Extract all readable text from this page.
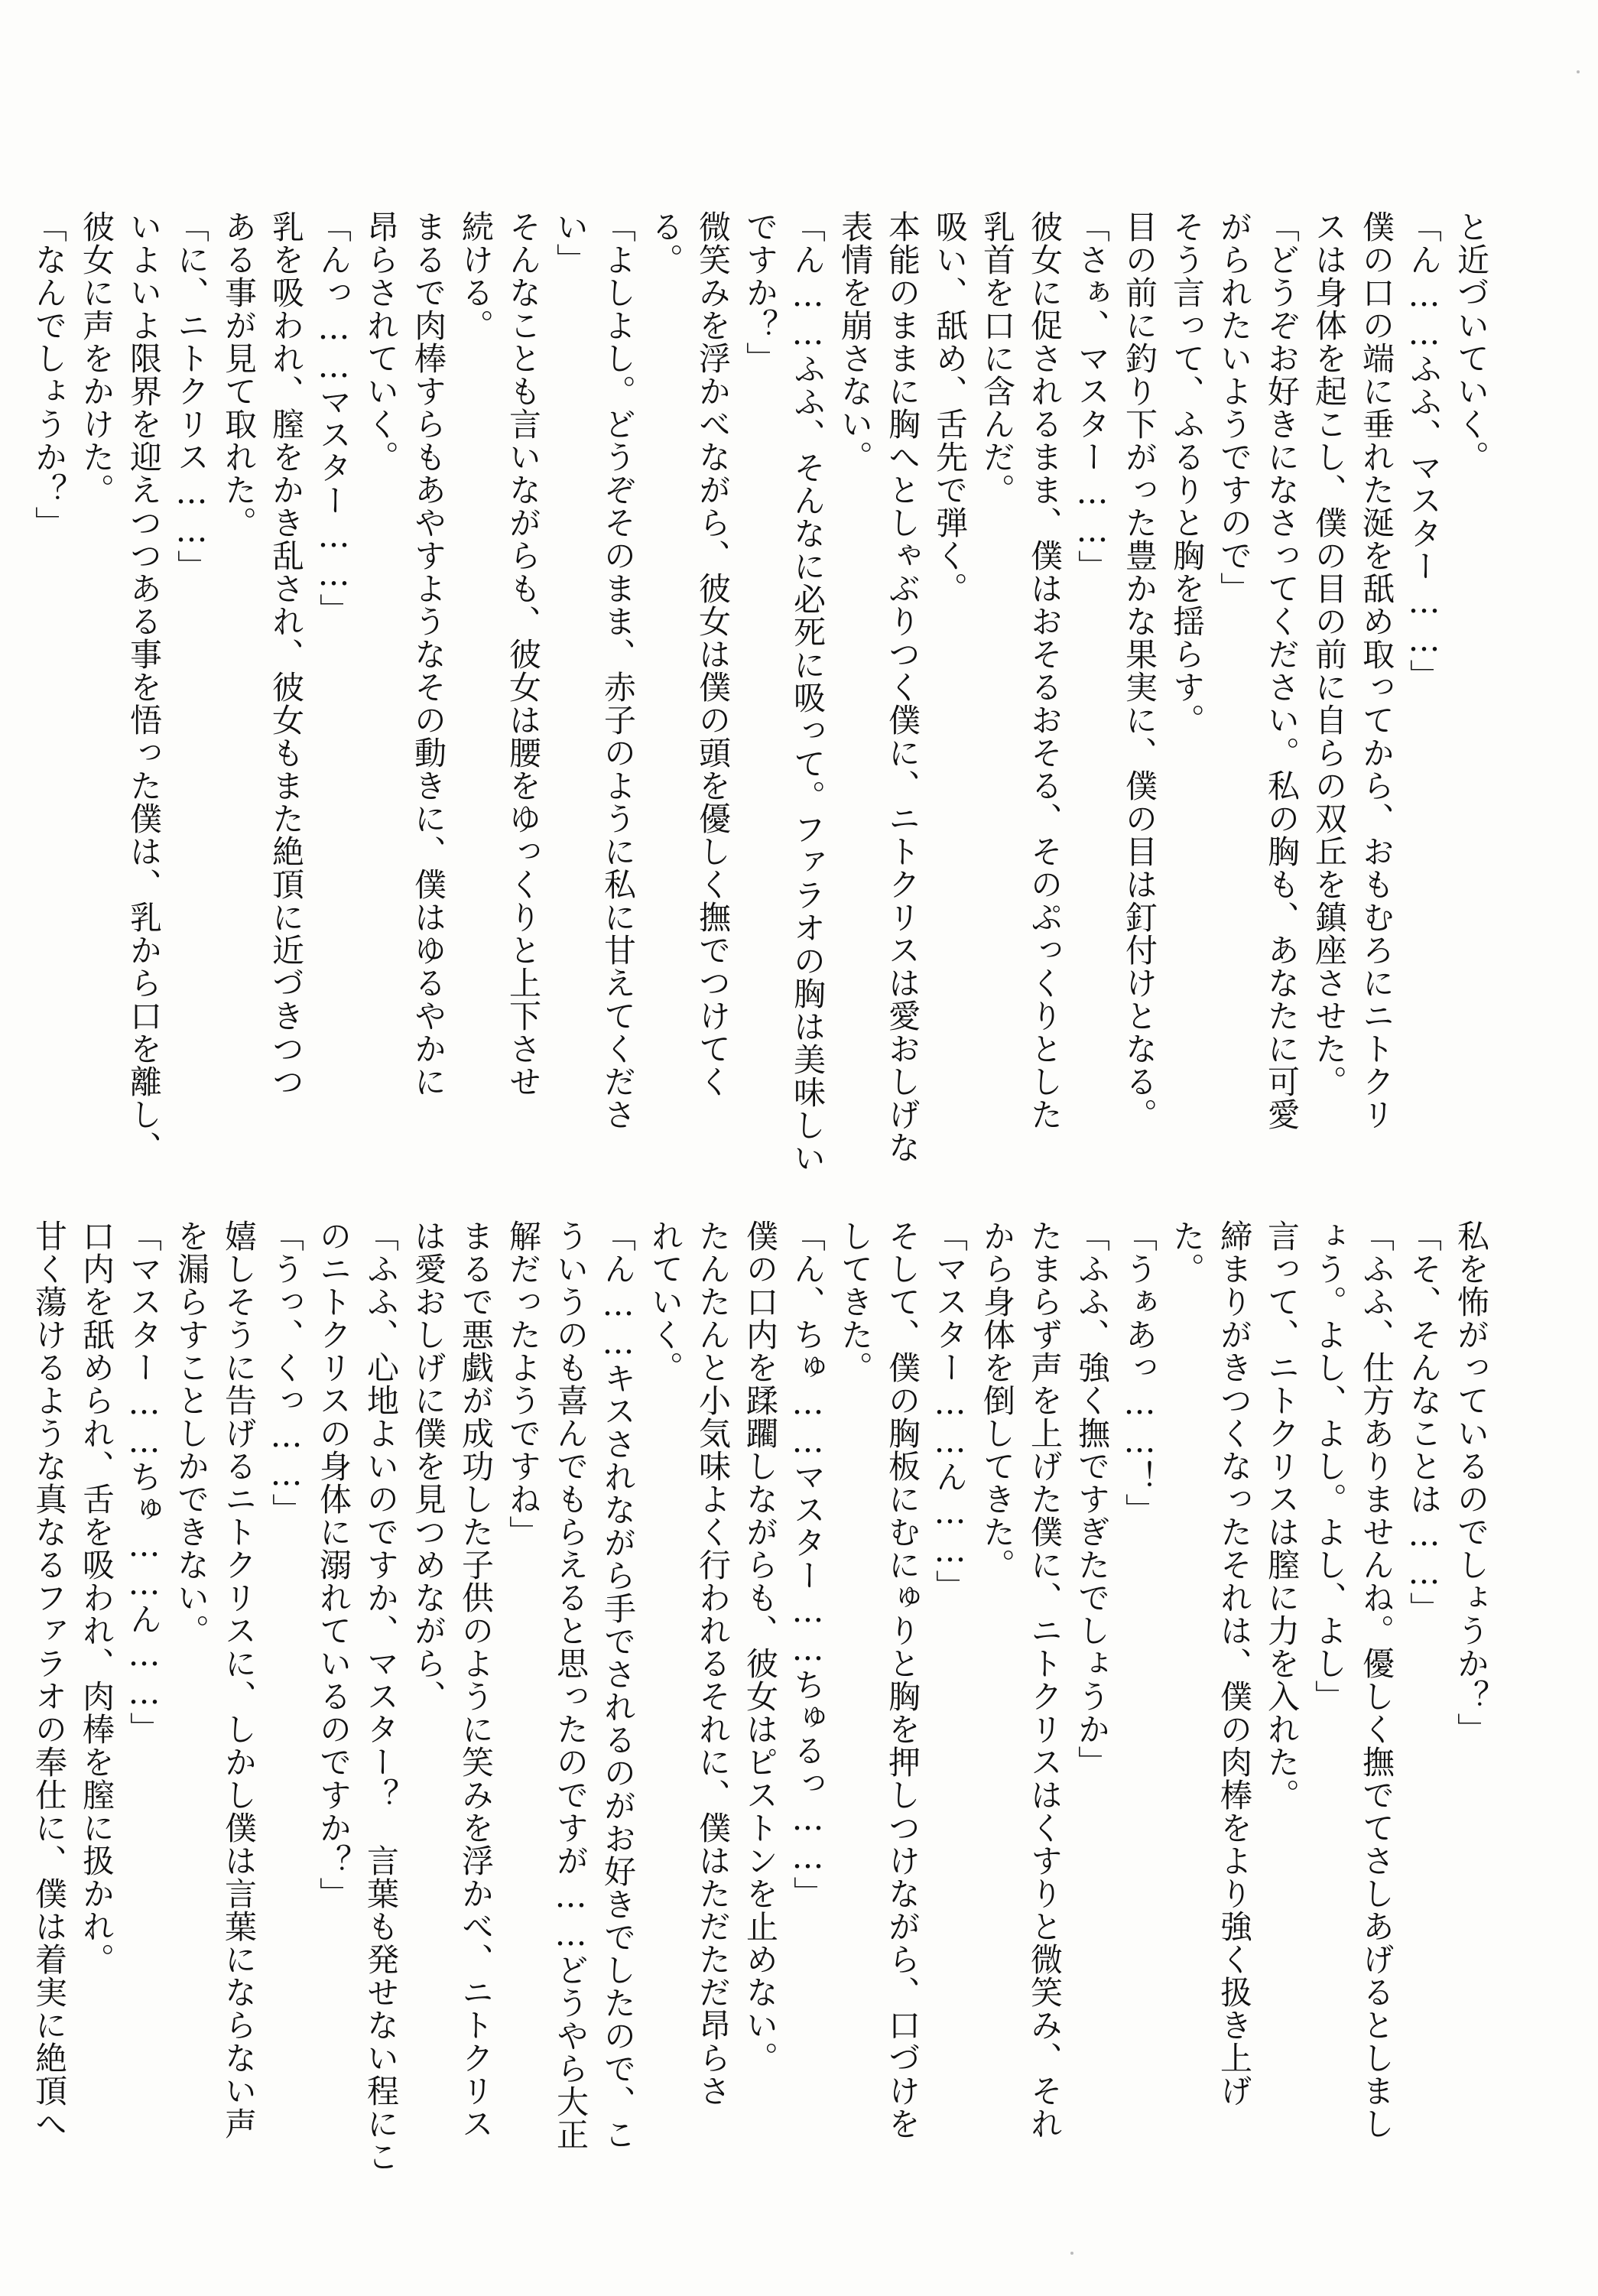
と近づいていく。
「ん……ふふ、マスター……」
僕の口の端に垂れた涎を舐め取ってから、おもむろにニトクリ
スは身体を起こし、僕の目の前に自らの双丘を鎮座させた。
「どうぞお好きになさってください。私の胸も、あなたに可愛
がられたいようですので」
そう言って、ふるりと胸を揺らす。
目の前に釣り下がった豊かな果実に、僕の目は釘付けとなる。
「さぁ、マスター……」
彼女に促されるまま、僕はおそるおそる、そのぷっくりとした
乳首を口に含んだ。
吸い、舐め、舌先で弾く。
本能のままに胸へとしゃぶりつく僕に、ニトクリスは愛おしげな
表情を崩さない。
「ん……ふふ、そんなに必死に吸って。ファラオの胸は美味しい
ですか？」
微笑みを浮かべながら、彼女は僕の頭を優しく撫でつけてく
る。
「よしよし。どうぞそのまま、赤子のように私に甘えてくださ
い」
そんなことも言いながらも、彼女は腰をゆっくりと上下させ
続ける。
まるで肉棒すらもあやすようなその動きに、僕はゆるやかに
昂らされていく。
「んっ……マスター……」
乳を吸われ、膣をかき乱され、彼女もまた絶頂に近づきつつ
ある事が見て取れた。
「に、ニトクリス……」
いよいよ限界を迎えつつある事を悟った僕は、乳から口を離し、
彼女に声をかけた。
「なんでしょうか？」
私を怖がっているのでしょうか？」
「そ、そんなことは……」
「ふふ、仕方ありませんね。優しく撫でてさしあげるとしまし
ょう。よし、よし。よし、よし」
言って、ニトクリスは膣に力を入れた。
締まりがきつくなったそれは、僕の肉棒をより強く扱き上げ
た。
「うぁあっ……！」
「ふふ、強く撫ですぎたでしょうか」
たまらず声を上げた僕に、ニトクリスはくすりと微笑み、それ
から身体を倒してきた。
「マスター……ん……」
そして、僕の胸板にむにゅりと胸を押しつけながら、口づけを
してきた。
「ん、ちゅ……マスター……ちゅるっ……」
僕の口内を蹂躙しながらも、彼女はピストンを止めない。
たんたんと小気味よく行われるそれに、僕はただただ昂らさ
れていく。
「ん……キスされながら手でされるのがお好きでしたので、こ
ういうのも喜んでもらえると思ったのですが……どうやら大正
解だったようですね」
まるで悪戯が成功した子供のように笑みを浮かべ、ニトクリス
は愛おしげに僕を見つめながら、
「ふふ、心地よいのですか、マスター？　言葉も発せない程にこ
のニトクリスの身体に溺れているのですか？」
「うっ、くっ……」
嬉しそうに告げるニトクリスに、しかし僕は言葉にならない声
を漏らすことしかできない。
「マスター……ちゅ……ん……」
口内を舐められ、舌を吸われ、肉棒を膣に扱かれ。
甘く蕩けるような真なるファラオの奉仕に、僕は着実に絶頂へ
